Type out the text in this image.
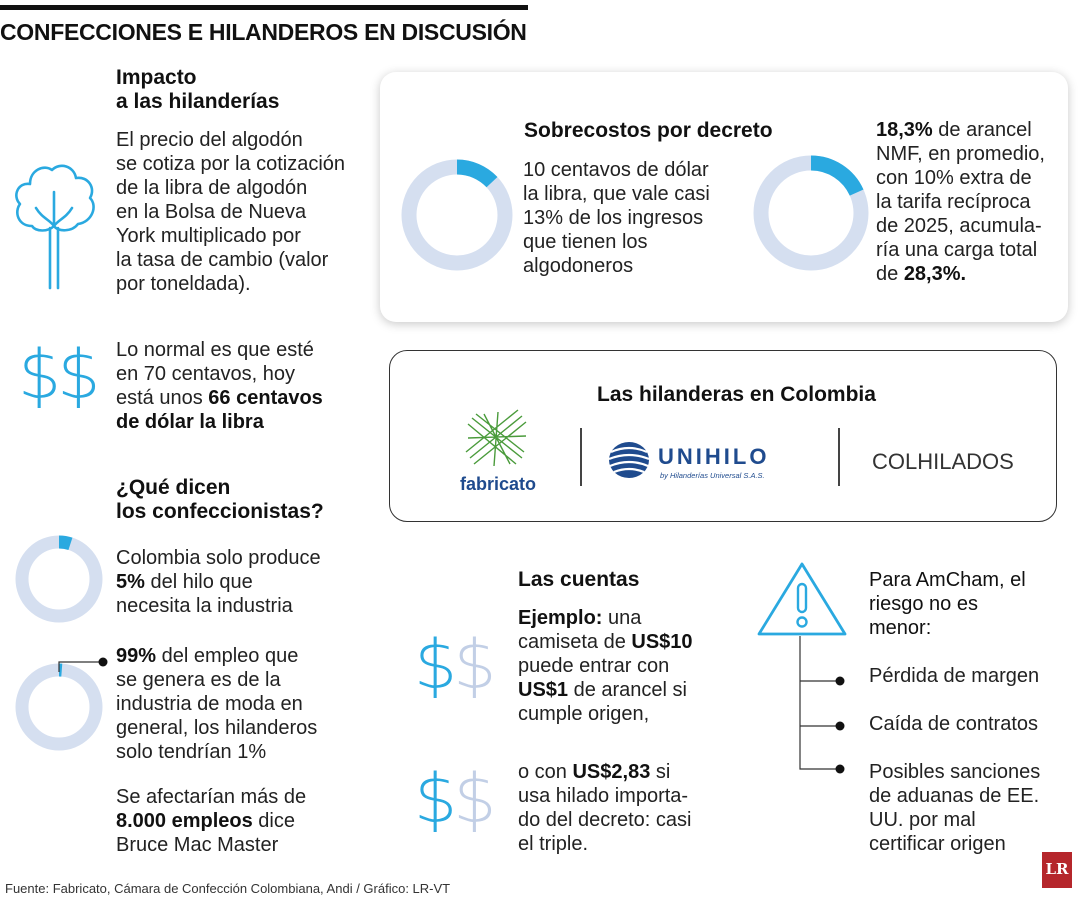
CONFECCIONES E HILANDEROS EN DISCUSIÓN
Impacto
a las hilanderías
El precio del algodón
se cotiza por la cotización
de la libra de algodón
en la Bolsa de Nueva
York multiplicado por
la tasa de cambio (valor
por toneldada).
$$ Lo normal es que esté
en 70 centavos, hoy
está unos 66 centavos
de dólar la libra
¿Qué dicen
los confeccionistas?
Colombia solo produce
5% del hilo que
necesita la industria
99% del empleo que
se genera es de la
industria de moda en
general, los hilanderos
solo tendrían 1%
Se afectarían más de
8.000 empleos dice
Bruce Mac Master
Sobrecostos por decreto
10 centavos de dólar
la libra, que vale casi
13% de los ingresos
que tienen los
algodoneros
18,3% de arancel
NMF, en promedio,
con 10% extra de
la tarifa recíproca
de 2025, acumula-
ría una carga total
de 28,3%.
Las hilanderas en Colombia
fabricato
UNIHILO
by Hilanderías Universal S.A.S.
COLHILADOS
Las cuentas
$$
Ejemplo: una
camiseta de US$10
puede entrar con
US$1 de arancel si
cumple origen,
$$ o con US$2,83 si
usa hilado importa-
do del decreto: casi
el triple.
Para AmCham, el
riesgo no es
menor:
Pérdida de margen
Caída de contratos
Posibles sanciones
de aduanas de EE.
UU. por mal
certificar origen
Fuente: Fabricato, Cámara de Confección Colombiana, Andi / Gráfico: LR-VT
LR
